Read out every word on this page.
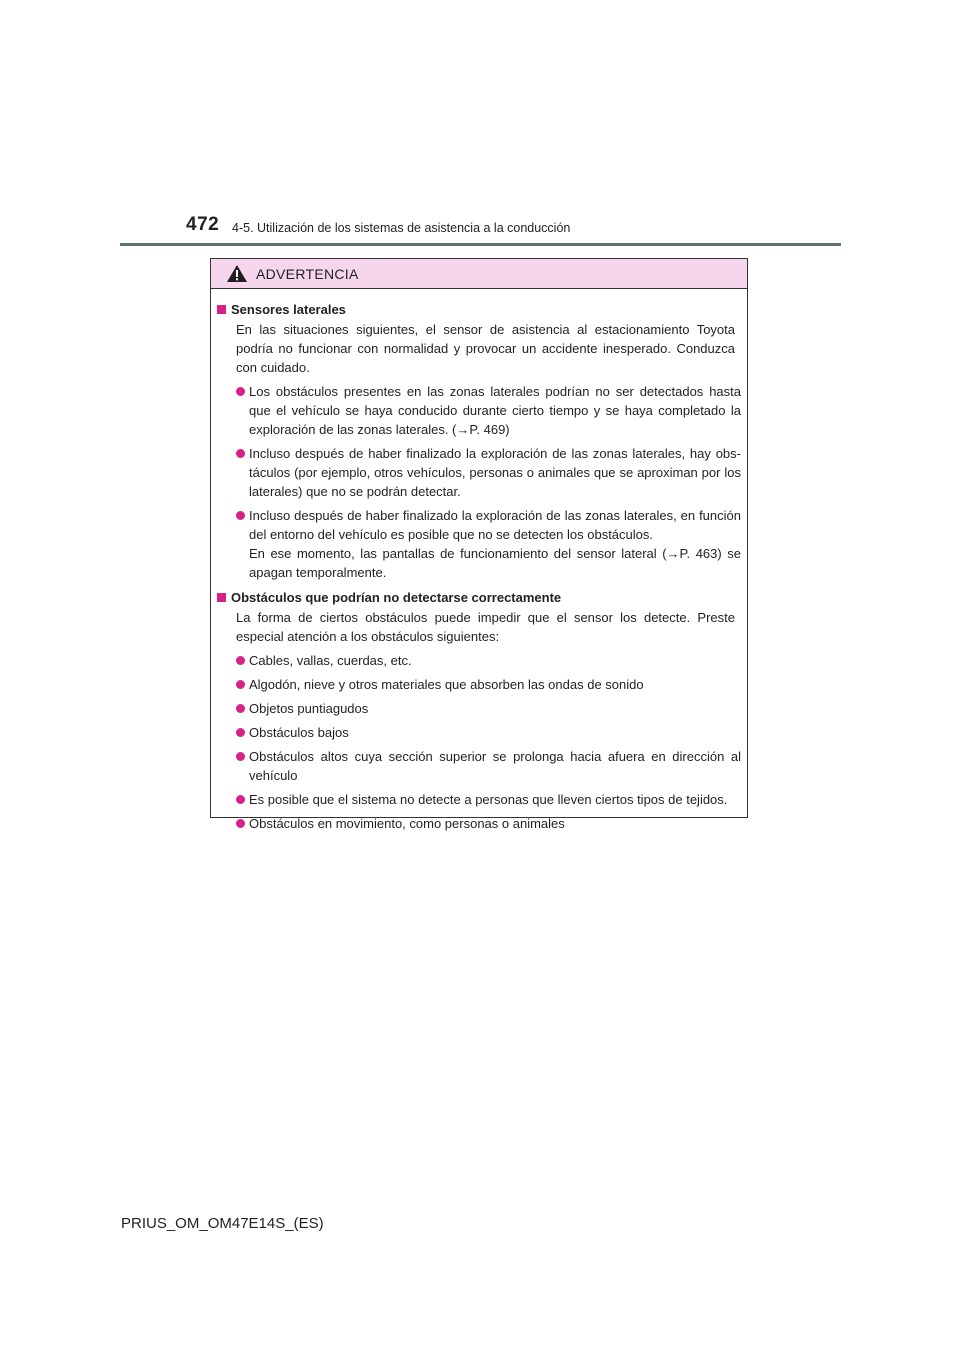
472 4-5. Utilización de los sistemas de asistencia a la conducción
ADVERTENCIA
Sensores laterales
En las situaciones siguientes, el sensor de asistencia al estacionamiento Toyota podría no funcionar con normalidad y provocar un accidente inesperado. Conduzca con cuidado.
Los obstáculos presentes en las zonas laterales podrían no ser detectados hasta que el vehículo se haya conducido durante cierto tiempo y se haya completado la exploración de las zonas laterales. (→P. 469)
Incluso después de haber finalizado la exploración de las zonas laterales, hay obstáculos (por ejemplo, otros vehículos, personas o animales que se aproximan por los laterales) que no se podrán detectar.
Incluso después de haber finalizado la exploración de las zonas laterales, en función del entorno del vehículo es posible que no se detecten los obstáculos.
En ese momento, las pantallas de funcionamiento del sensor lateral (→P. 463) se apagan temporalmente.
Obstáculos que podrían no detectarse correctamente
La forma de ciertos obstáculos puede impedir que el sensor los detecte. Preste especial atención a los obstáculos siguientes:
Cables, vallas, cuerdas, etc.
Algodón, nieve y otros materiales que absorben las ondas de sonido
Objetos puntiagudos
Obstáculos bajos
Obstáculos altos cuya sección superior se prolonga hacia afuera en dirección al vehículo
Es posible que el sistema no detecte a personas que lleven ciertos tipos de tejidos.
Obstáculos en movimiento, como personas o animales
PRIUS_OM_OM47E14S_(ES)
